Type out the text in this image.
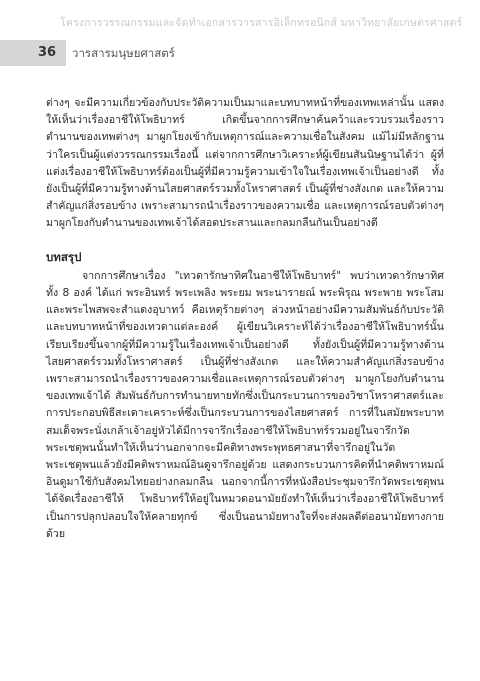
โครงการวรรณกรรมและจัดทำเอกสารวารสารอิเล็กทรอนิกส์ มหาวิทยาลัยเกษตรศาสตร์
36	วารสารมนุษยศาสตร์

ต่างๆ จะมีความเกี่ยวข้องกับประวัติความเป็นมาและบทบาทหน้าที่ของเทพเหล่านั้น แสดงให้เห็นว่าเรื่องอาชีให้โพธิบาทร์ เกิดขึ้นจากการศึกษาค้นคว้าและรวบรวมเรื่องราว ตำนานของเทพต่างๆ มาผูกโยงเข้ากับเหตุการณ์และความเชื่อในสังคม แม้ไม่มีหลักฐานว่าใครเป็นผู้แต่งวรรณกรรมเรื่องนี้ แต่จากการศึกษาวิเคราะห์ผู้เขียนสันนิษฐานได้ว่า ผู้ที่แต่งเรื่องอาชีให้โพธิบาทร์ต้องเป็นผู้ที่มีความรู้ความเข้าใจในเรื่องเทพเจ้าเป็นอย่างดี ทั้งยังเป็นผู้ที่มีความรู้ทางด้านไสยศาสตร์รวมทั้งโหราศาสตร์ เป็นผู้ที่ช่างสังเกต และให้ความสำคัญแก่สิ่งรอบข้าง เพราะสามารถนำเรื่องราวของความเชื่อ และเหตุการณ์รอบตัวต่างๆ มาผูกโยงกับตำนานของเทพเจ้าได้สอดประสานและกลมกลืนกันเป็นอย่างดี

บทสรุป

จากการศึกษาเรื่อง "เทวดารักษาทิศในอาชีให้โพธิบาทร์" พบว่าเทวดารักษาทิศทั้ง 8 องค์ ได้แก่ พระอินทร์ พระเพลิง พระยม พระนารายณ์ พระพิรุณ พระพาย พระโสม และพระไพสพจะสำแดงอุบาทว์ คือเหตุร้ายต่างๆ ล่วงหน้าอย่างมีความสัมพันธ์กับประวัติและบทบาทหน้าที่ของเทวดาแต่ละองค์ ผู้เขียนวิเคราะห์ได้ว่าเรื่องอาชีให้โพธิบาทร์นั้นเรียบเรียงขึ้นจากผู้ที่มีความรู้ในเรื่องเทพเจ้าเป็นอย่างดี ทั้งยังเป็นผู้ที่มีความรู้ทางด้านไสยศาสตร์รวมทั้งโหราศาสตร์ เป็นผู้ที่ช่างสังเกต และให้ความสำคัญแก่สิ่งรอบข้าง เพราะสามารถนำเรื่องราวของความเชื่อและเหตุการณ์รอบตัวต่างๆ มาผูกโยงกับตำนานของเทพเจ้าได้ สัมพันธ์กับการทำนายทายทักซึ่งเป็นกระบวนการของวิชาโหราศาสตร์และการประกอบพิธีสะเดาะเคราะห์ซึ่งเป็นกระบวนการของไสยศาสตร์ การที่ในสมัยพระบาทสมเด็จพระนั่งเกล้าเจ้าอยู่หัวได้มีการจารึกเรื่องอาชีให้โพธิบาทร์รวมอยู่ในจารึกวัดพระเชตุพนนั้นทำให้เห็นว่านอกจากจะมีคติทางพระพุทธศาสนาที่จารึกอยู่ในวัดพระเชตุพนแล้วยังมีคติพราหมณ์อินดูจารึกอยู่ด้วย แสดงกระบวนการคิดที่นำคติพราหมณ์อินดูมาใช้กับสังคมไทยอย่างกลมกลืน นอกจากนี้การที่หนังสือประชุมจารึกวัดพระเชตุพนได้จัดเรื่องอาชีให้ โพธิบาทร์ให้อยู่ในหมวดอนามัยยังทำให้เห็นว่าเรื่องอาชีให้โพธิบาทร์เป็นการปลุกปลอบใจให้คลายทุกข์ ซึ่งเป็นอนามัยทางใจที่จะส่งผลดีต่ออนามัยทางกายด้วย
